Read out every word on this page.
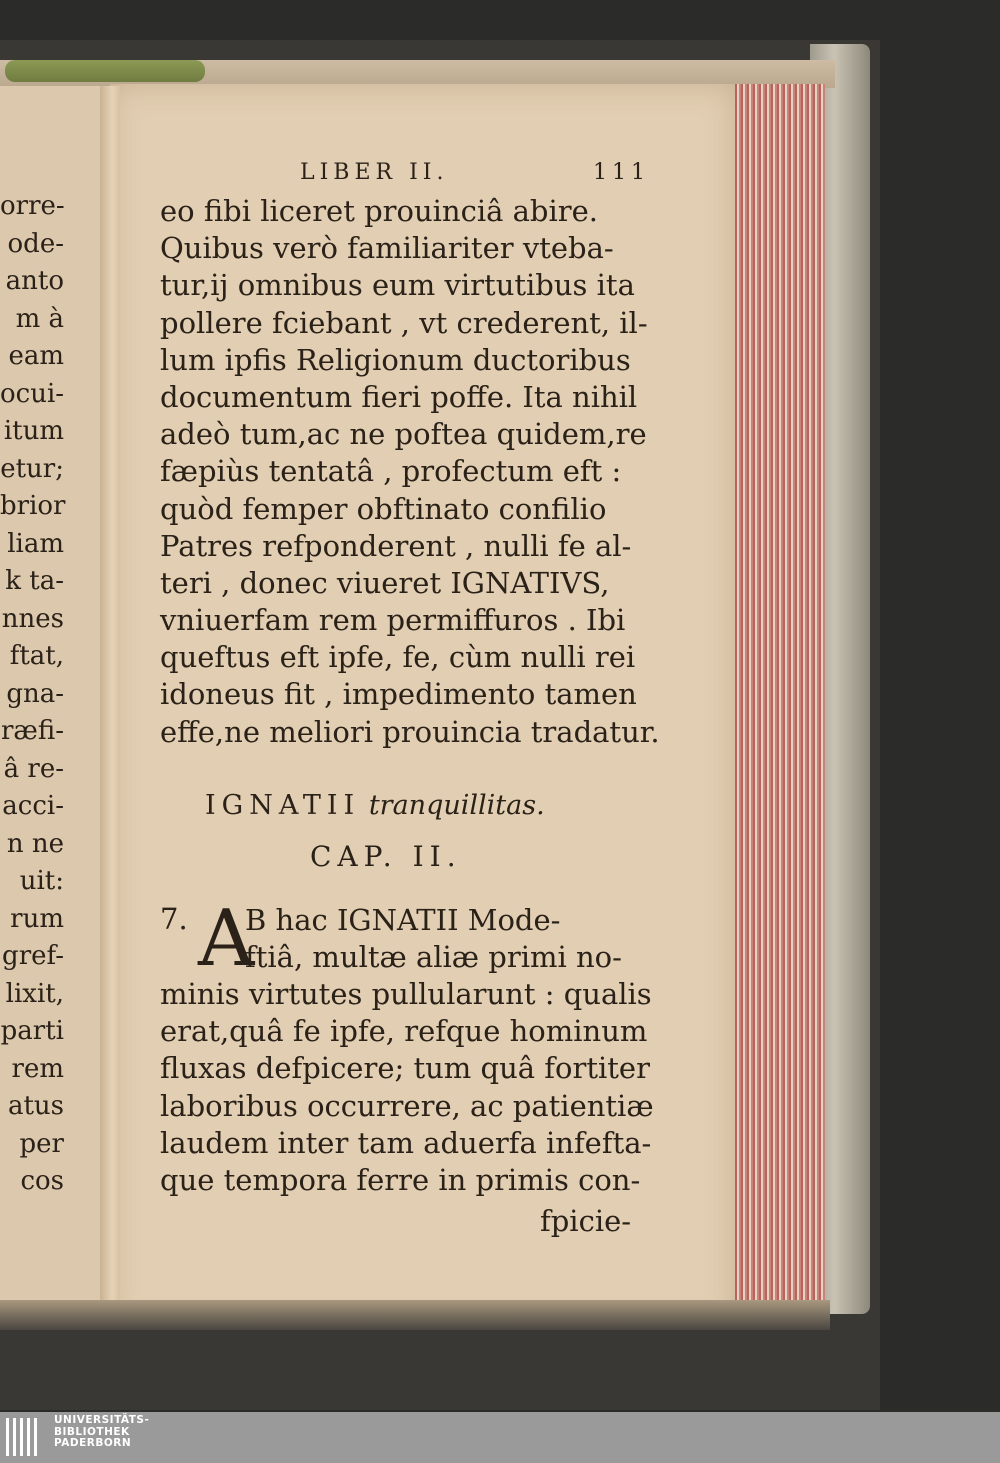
orre-
ode-
anto
m à
eam
ocui-
itum
etur;
brior
liam
k ta-
nnes
ftat,
gna-
ræfi-
â re-
acci-
n ne
uit:
rum
gref-
lixit,
parti
rem
atus
per
cos
LIBER II.	111
eo fibi liceret prouinciâ abire.
Quibus verò familiariter vteba-
tur,ij omnibus eum virtutibus ita
pollere fciebant , vt crederent, il-
lum ipfis Religionum ductoribus
documentum fieri poffe. Ita nihil
adeò tum,ac ne poftea quidem,re
fæpiùs tentatâ , profectum eft :
quòd femper obftinato confilio
Patres refponderent , nulli fe al-
teri , donec viueret IGNATIVS,
vniuerfam rem permiffuros . Ibi
queftus eft ipfe, fe, cùm nulli rei
idoneus fit , impedimento tamen
effe,ne meliori prouincia tradatur.
IGNATII tranquillitas.
CAP. II.
7. A
B hac IGNATII Mode-
ftiâ, multæ aliæ primi no-
minis virtutes pullularunt : qualis
erat,quâ fe ipfe, refque hominum
fluxas defpicere; tum quâ fortiter
laboribus occurrere, ac patientiæ
laudem inter tam aduerfa infefta-
que tempora ferre in primis con-
fpicie-
UNIVERSITÄTS-
BIBLIOTHEK
PADERBORN
